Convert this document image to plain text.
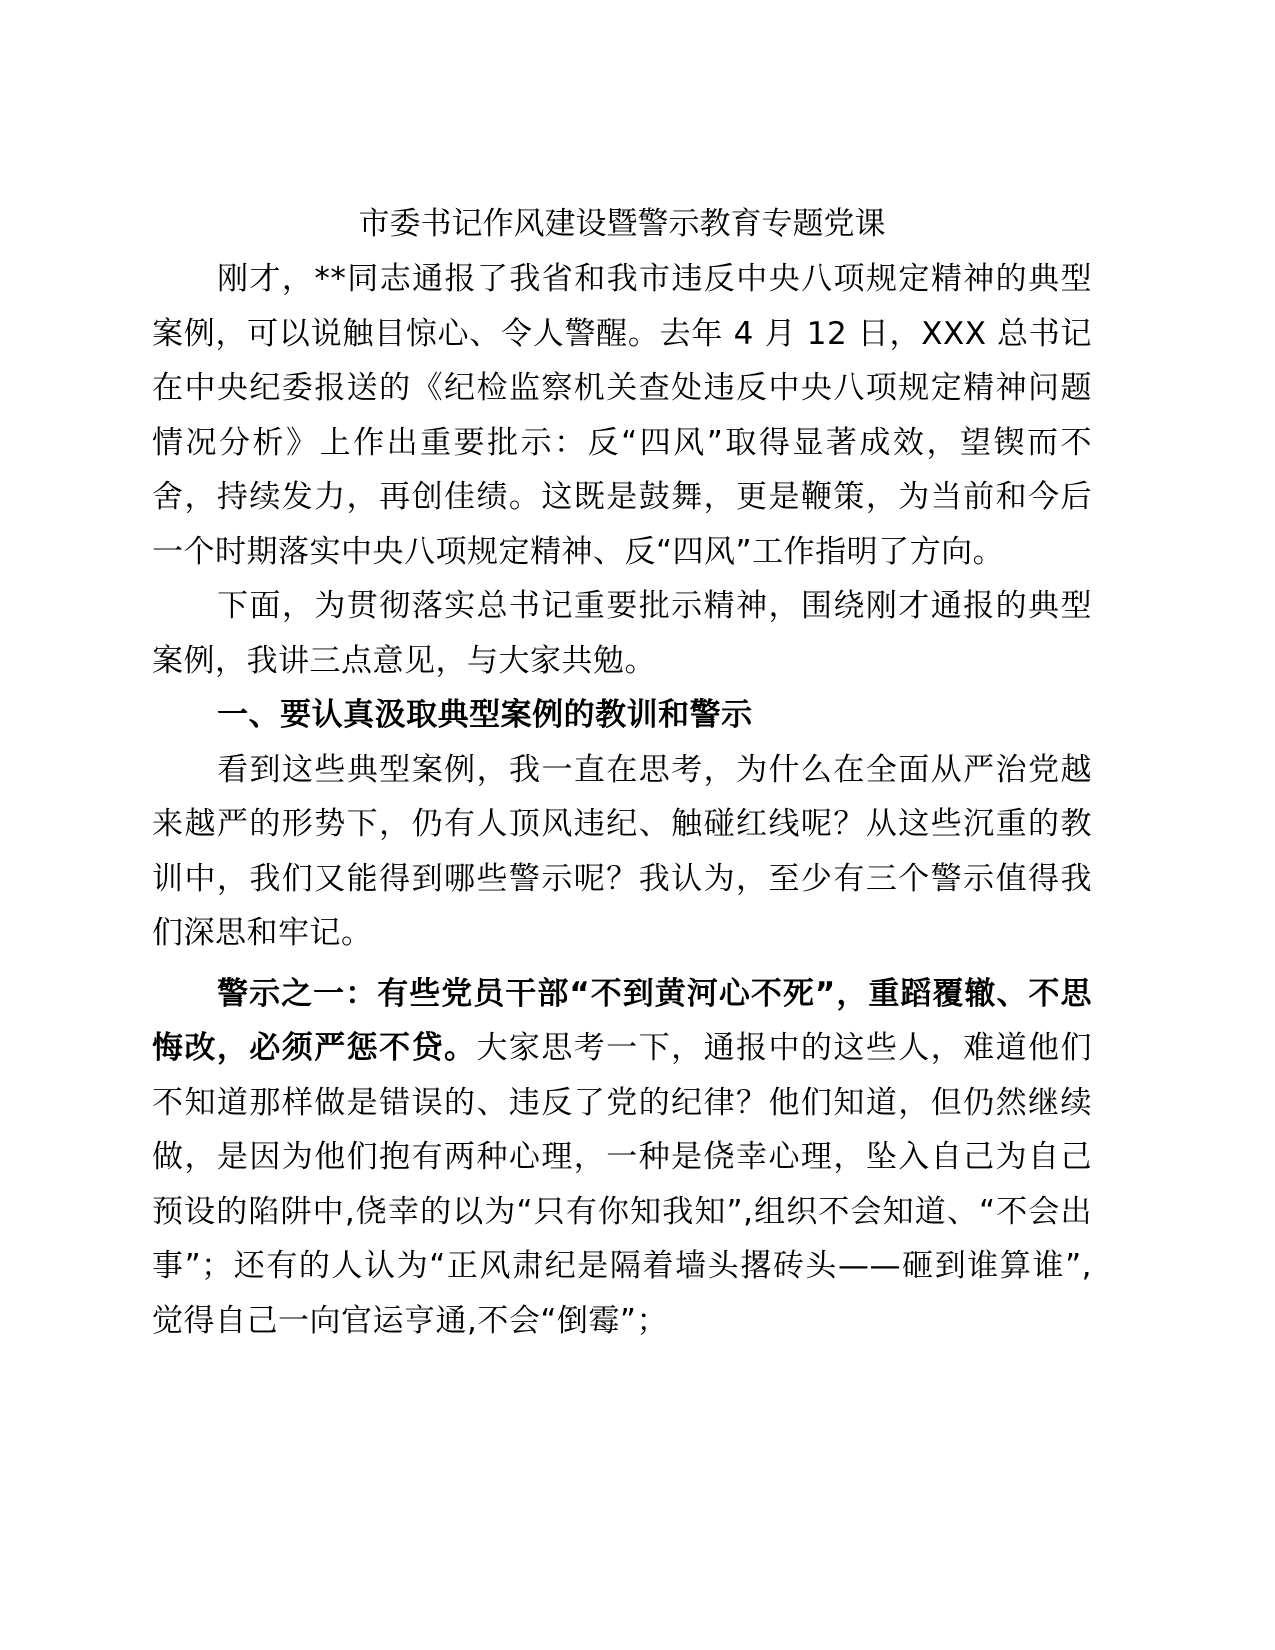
市委书记作风建设暨警示教育专题党课

刚才，**同志通报了我省和我市违反中央八项规定精神的典型案例，可以说触目惊心、令人警醒。去年 4 月 12 日，XXX 总书记在中央纪委报送的《纪检监察机关查处违反中央八项规定精神问题情况分析》上作出重要批示：反“四风”取得显著成效，望锲而不舍，持续发力，再创佳绩。这既是鼓舞，更是鞭策，为当前和今后一个时期落实中央八项规定精神、反“四风”工作指明了方向。

下面，为贯彻落实总书记重要批示精神，围绕刚才通报的典型案例，我讲三点意见，与大家共勉。

一、要认真汲取典型案例的教训和警示

看到这些典型案例，我一直在思考，为什么在全面从严治党越来越严的形势下，仍有人顶风违纪、触碰红线呢？从这些沉重的教训中，我们又能得到哪些警示呢？我认为，至少有三个警示值得我们深思和牢记。

警示之一：有些党员干部“不到黄河心不死”，重蹈覆辙、不思悔改，必须严惩不贷。大家思考一下，通报中的这些人，难道他们不知道那样做是错误的、违反了党的纪律？他们知道，但仍然继续做，是因为他们抱有两种心理，一种是侥幸心理，坠入自己为自己预设的陷阱中,侥幸的以为“只有你知我知”,组织不会知道、“不会出事”；还有的人认为“正风肃纪是隔着墙头撂砖头——砸到谁算谁”,觉得自己一向官运亨通,不会“倒霉”；
